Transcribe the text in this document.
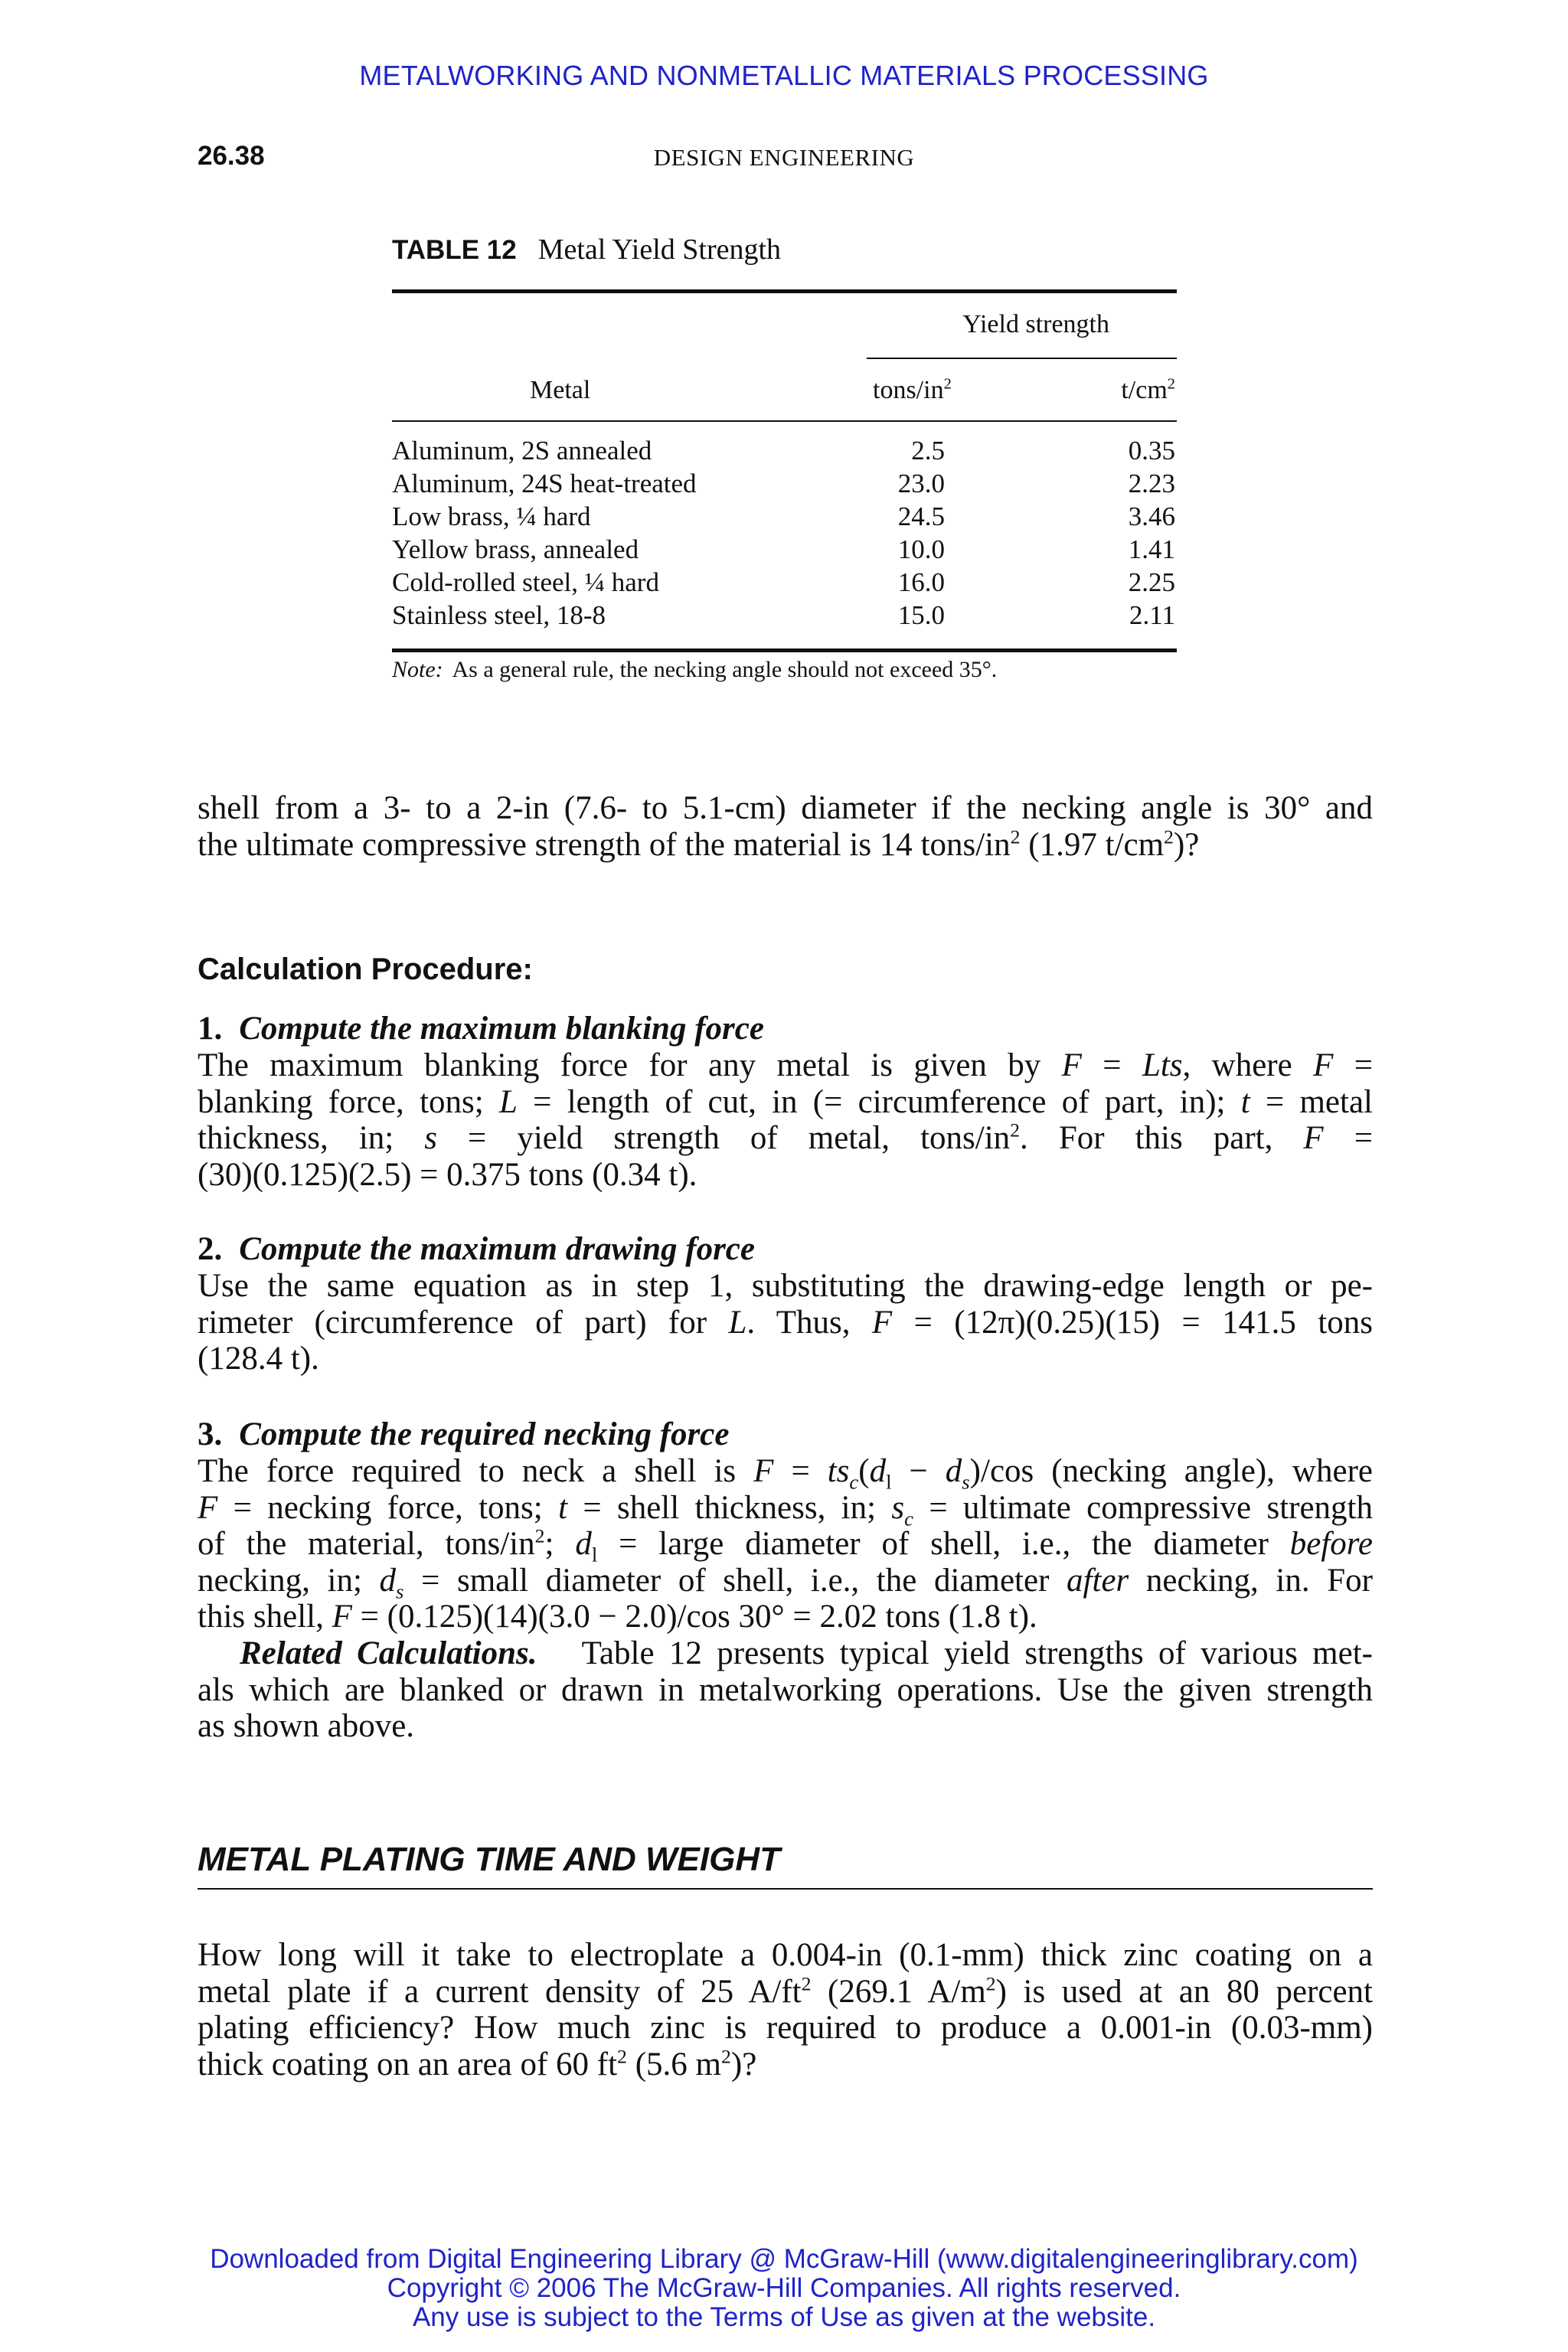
METALWORKING AND NONMETALLIC MATERIALS PROCESSING
26.38	DESIGN ENGINEERING
TABLE 12 Metal Yield Strength
Yield strength
Metal	tons/$in^2$	$t/cm^2$
Aluminum, 2S annealed	2.5	0.35
Aluminum, 24S heat-treated	23.0	2.23
Low brass, ¼ hard	24.5	3.46
Yellow brass, annealed	10.0	1.41
Cold-rolled steel, ¼ hard	16.0	2.25
Stainless steel, 18-8	15.0	2.11
Note: As a general rule, the necking angle should not exceed 35°.
shell from a 3- to a 2-in (7.6- to 5.1-cm) diameter if the necking angle is 30° and
the ultimate compressive strength of the material is 14 tons/$in^2$ (1.97 $t/cm^2$)?
Calculation Procedure:
1. Compute the maximum blanking force
The maximum blanking force for any metal is given by F = Lts, where F =
blanking force, tons; L = length of cut, in (= circumference of part, in); t = metal
thickness, in; s = yield strength of metal, tons/$in^2$. For this part, F =
(30)(0.125)(2.5) = 0.375 tons (0.34 t).
2. Compute the maximum drawing force
Use the same equation as in step 1, substituting the drawing-edge length or pe-
rimeter (circumference of part) for L. Thus, F = (12π)(0.25)(15) = 141.5 tons
(128.4 t).
3. Compute the required necking force
The force required to neck a shell is $F = ts_c(d_l - d_s)/\cos$ (necking angle), where
F = necking force, tons; t = shell thickness, in; $s_c$ = ultimate compressive strength
of the material, tons/$in^2$; $d_l$ = large diameter of shell, i.e., the diameter before
necking, in; $d_s$ = small diameter of shell, i.e., the diameter after necking, in. For
this shell, F = (0.125)(14)(3.0 − 2.0)/cos 30° = 2.02 tons (1.8 t).
Related Calculations. Table 12 presents typical yield strengths of various met-
als which are blanked or drawn in metalworking operations. Use the given strength
as shown above.
METAL PLATING TIME AND WEIGHT
How long will it take to electroplate a 0.004-in (0.1-mm) thick zinc coating on a
metal plate if a current density of 25 $A/ft^2$ (269.1 $A/m^2$) is used at an 80 percent
plating efficiency? How much zinc is required to produce a 0.001-in (0.03-mm)
thick coating on an area of 60 $ft^2$ (5.6 $m^2$)?
Downloaded from Digital Engineering Library @ McGraw-Hill (www.digitalengineeringlibrary.com)
Copyright © 2006 The McGraw-Hill Companies. All rights reserved.
Any use is subject to the Terms of Use as given at the website.
